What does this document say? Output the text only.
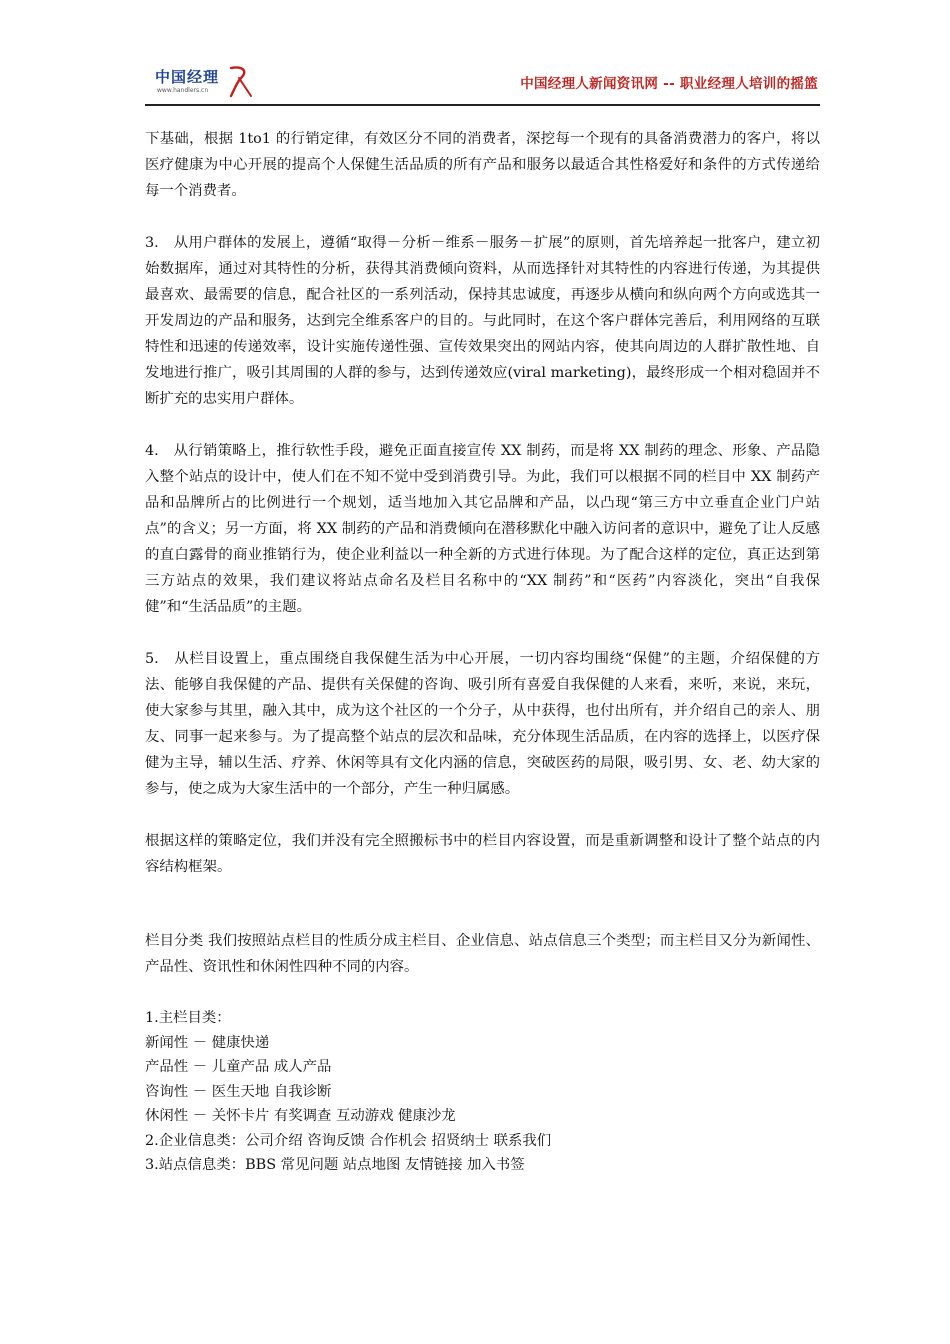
中国经理
www.handlers.cn	中国经理人新闻资讯网 -- 职业经理人培训的摇篮

下基础，根据 1to1 的行销定律，有效区分不同的消费者，深挖每一个现有的具备消费潜力的客户，将以医疗健康为中心开展的提高个人保健生活品质的所有产品和服务以最适合其性格爱好和条件的方式传递给每一个消费者。

3.　从用户群体的发展上，遵循“取得－分析－维系－服务－扩展”的原则，首先培养起一批客户，建立初始数据库，通过对其特性的分析，获得其消费倾向资料，从而选择针对其特性的内容进行传递，为其提供最喜欢、最需要的信息，配合社区的一系列活动，保持其忠诚度，再逐步从横向和纵向两个方向或选其一开发周边的产品和服务，达到完全维系客户的目的。与此同时，在这个客户群体完善后，利用网络的互联特性和迅速的传递效率，设计实施传递性强、宣传效果突出的网站内容，使其向周边的人群扩散性地、自发地进行推广，吸引其周围的人群的参与，达到传递效应(viral marketing)，最终形成一个相对稳固并不断扩充的忠实用户群体。

4.　从行销策略上，推行软性手段，避免正面直接宣传 XX 制药，而是将 XX 制药的理念、形象、产品隐入整个站点的设计中，使人们在不知不觉中受到消费引导。为此，我们可以根据不同的栏目中 XX 制药产品和品牌所占的比例进行一个规划，适当地加入其它品牌和产品，以凸现“第三方中立垂直企业门户站点”的含义；另一方面，将 XX 制药的产品和消费倾向在潜移默化中融入访问者的意识中，避免了让人反感的直白露骨的商业推销行为，使企业利益以一种全新的方式进行体现。为了配合这样的定位，真正达到第三方站点的效果，我们建议将站点命名及栏目名称中的“XX 制药”和“医药”内容淡化，突出“自我保健”和“生活品质”的主题。

5.　从栏目设置上，重点围绕自我保健生活为中心开展，一切内容均围绕“保健”的主题，介绍保健的方法、能够自我保健的产品、提供有关保健的咨询、吸引所有喜爱自我保健的人来看，来听，来说，来玩，使大家参与其里，融入其中，成为这个社区的一个分子，从中获得，也付出所有，并介绍自己的亲人、朋友、同事一起来参与。为了提高整个站点的层次和品味，充分体现生活品质，在内容的选择上，以医疗保健为主导，辅以生活、疗养、休闲等具有文化内涵的信息，突破医药的局限，吸引男、女、老、幼大家的参与，使之成为大家生活中的一个部分，产生一种归属感。

根据这样的策略定位，我们并没有完全照搬标书中的栏目内容设置，而是重新调整和设计了整个站点的内容结构框架。

栏目分类 我们按照站点栏目的性质分成主栏目、企业信息、站点信息三个类型；而主栏目又分为新闻性、产品性、资讯性和休闲性四种不同的内容。

1.主栏目类：

新闻性 － 健康快递

产品性 － 儿童产品 成人产品

咨询性 － 医生天地 自我诊断

休闲性 － 关怀卡片 有奖调查 互动游戏 健康沙龙

2.企业信息类：公司介绍 咨询反馈 合作机会 招贤纳士 联系我们

3.站点信息类：BBS 常见问题 站点地图 友情链接 加入书签
